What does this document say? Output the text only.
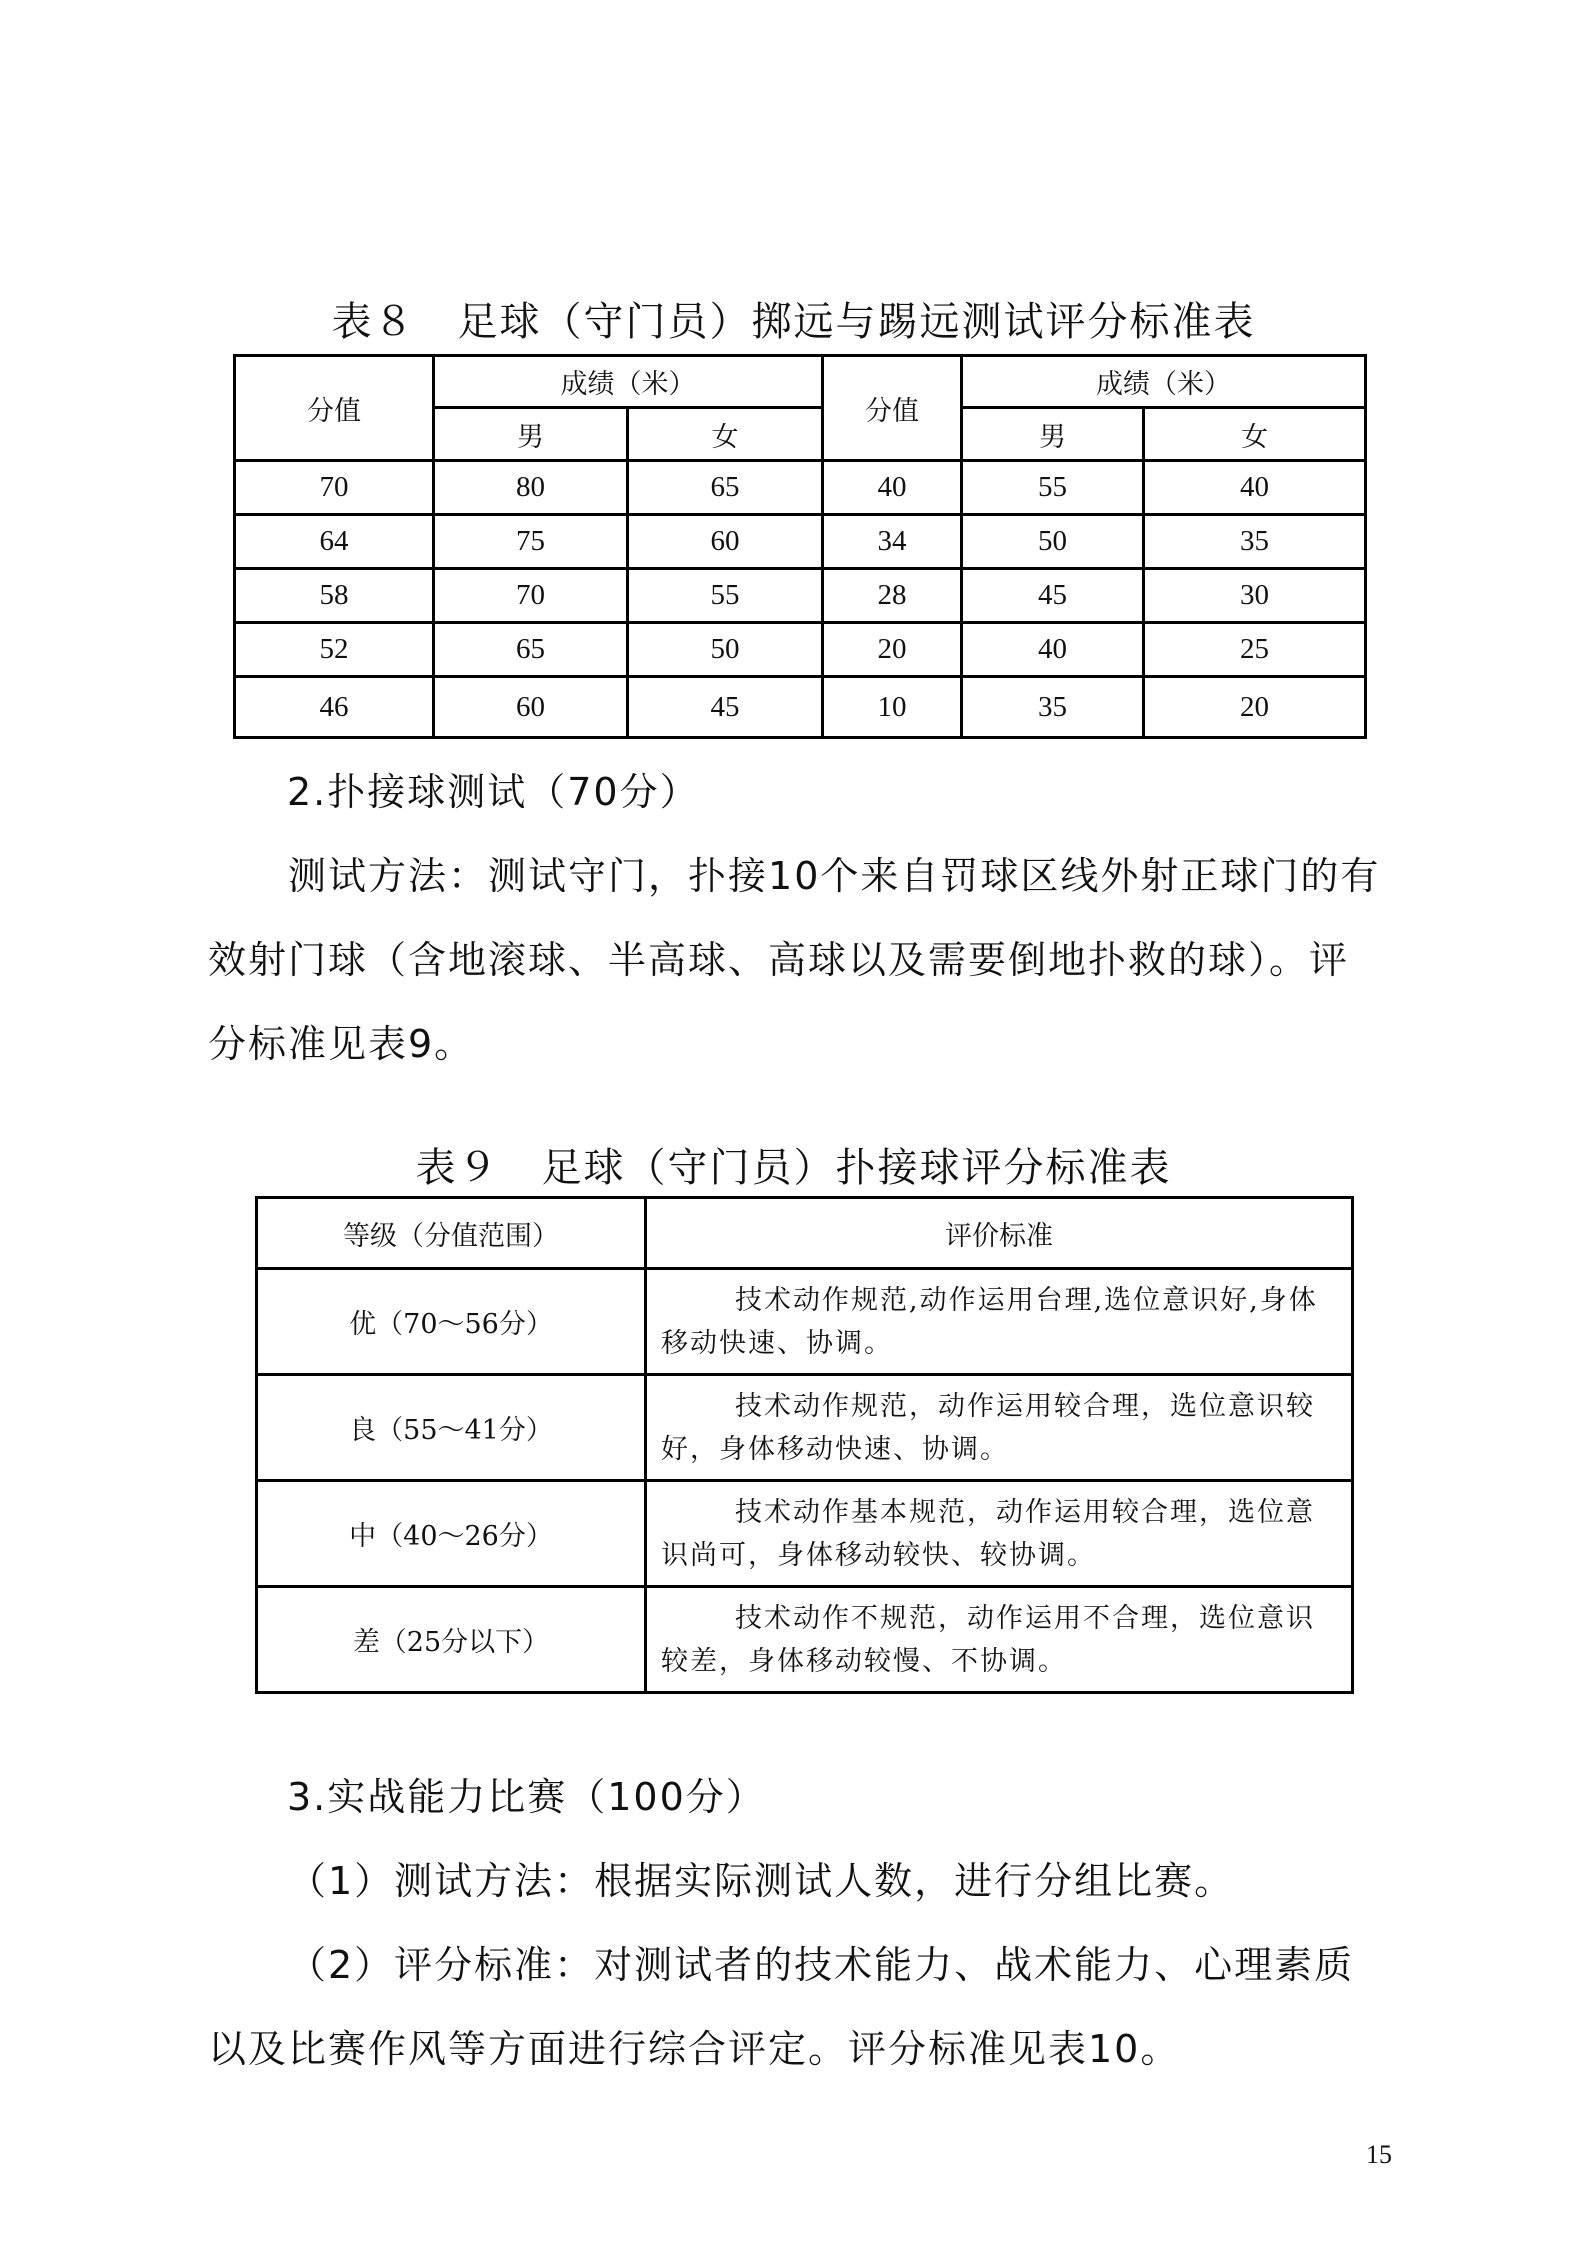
表８　足球（守门员）掷远与踢远测试评分标准表
分值	成绩（米）		分值	成绩（米）	
	男	女		男	女
70	80	65	40	55	40
64	75	60	34	50	35
58	70	55	28	45	30
52	65	50	20	40	25
46	60	45	10	35	20
2.扑接球测试（70分）
测试方法：测试守门，扑接10个来自罚球区线外射正球门的有效射门球（含地滚球、半高球、高球以及需要倒地扑救的球）。评分标准见表9。
表９　足球（守门员）扑接球评分标准表
等级（分值范围）	评价标准
优（70～56分）	技术动作规范,动作运用台理,选位意识好,身体移动快速、协调。
良（55～41分）	技术动作规范，动作运用较合理，选位意识较好，身体移动快速、协调。
中（40～26分）	技术动作基本规范，动作运用较合理，选位意识尚可，身体移动较快、较协调。
差（25分以下）	技术动作不规范，动作运用不合理，选位意识较差，身体移动较慢、不协调。
3.实战能力比赛（100分）
（1）测试方法：根据实际测试人数，进行分组比赛。
（2）评分标准：对测试者的技术能力、战术能力、心理素质以及比赛作风等方面进行综合评定。评分标准见表10。
15
